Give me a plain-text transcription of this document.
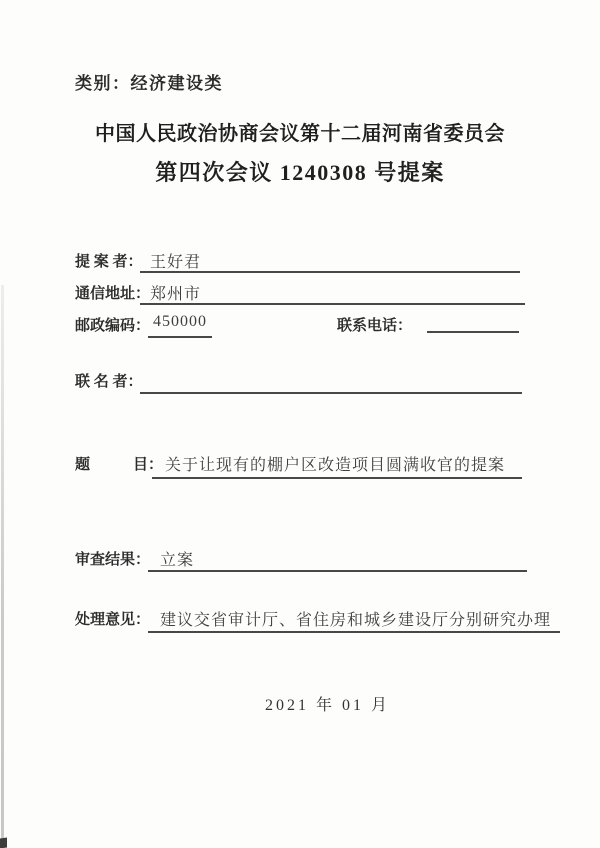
类别：经济建设类
中国人民政治协商会议第十二届河南省委员会
第四次会议 1240308 号提案
提 案 者： 王好君
通信地址： 郑州市
邮政编码： 450000	联系电话：
联 名 者：
题	目： 关于让现有的棚户区改造项目圆满收官的提案
审查结果： 立案
处理意见： 建议交省审计厅、省住房和城乡建设厅分别研究办理
2021 年 01 月
